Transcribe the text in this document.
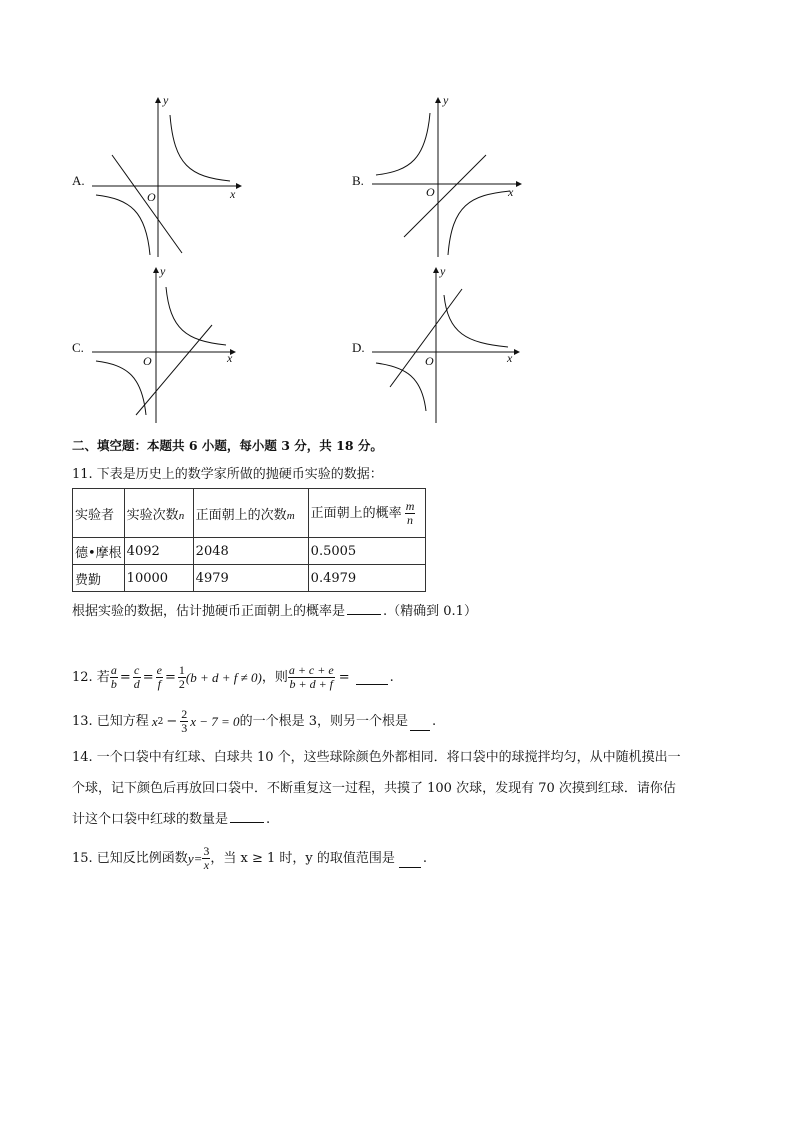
A.
y
x
O
B.
y
x
O
C.
y
x
O
D.
y
x
O
二、填空题：本题共 6 小题，每小题 3 分，共 18 分。
11. 下表是历史上的数学家所做的抛硬币实验的数据：
实验者	实验次数n	正面朝上的次数m	正面朝上的概率 $\frac{m}{n}$

德•摩根	4092	2048	0.5005
费勤	10000	4979	0.4979
根据实验的数据，估计抛硬币正面朝上的概率是	.（精确到 0.1）
12. 若 $\frac{a}{b} = \frac{c}{d} = \frac{e}{f} = \frac{1}{2} (b + d + f \ne 0)$ ，则 $\frac{a + c + e}{b + d + f}$ =	.
13. 已知方程 x $2 - \frac{2}{3}$ x − 7 = 0 的一个根是 3，则另一个根是 .
14. 一个口袋中有红球、白球共 10 个，这些球除颜色外都相同．将口袋中的球搅拌均匀，从中随机摸出一
个球，记下颜色后再放回口袋中．不断重复这一过程，共摸了 100 次球，发现有 70 次摸到红球．请你估
计这个口袋中红球的数量是	.
15. 已知反比例函数 $y= \frac{3}{x}$ ，当 x ≥ 1 时，y 的取值范围是 .
